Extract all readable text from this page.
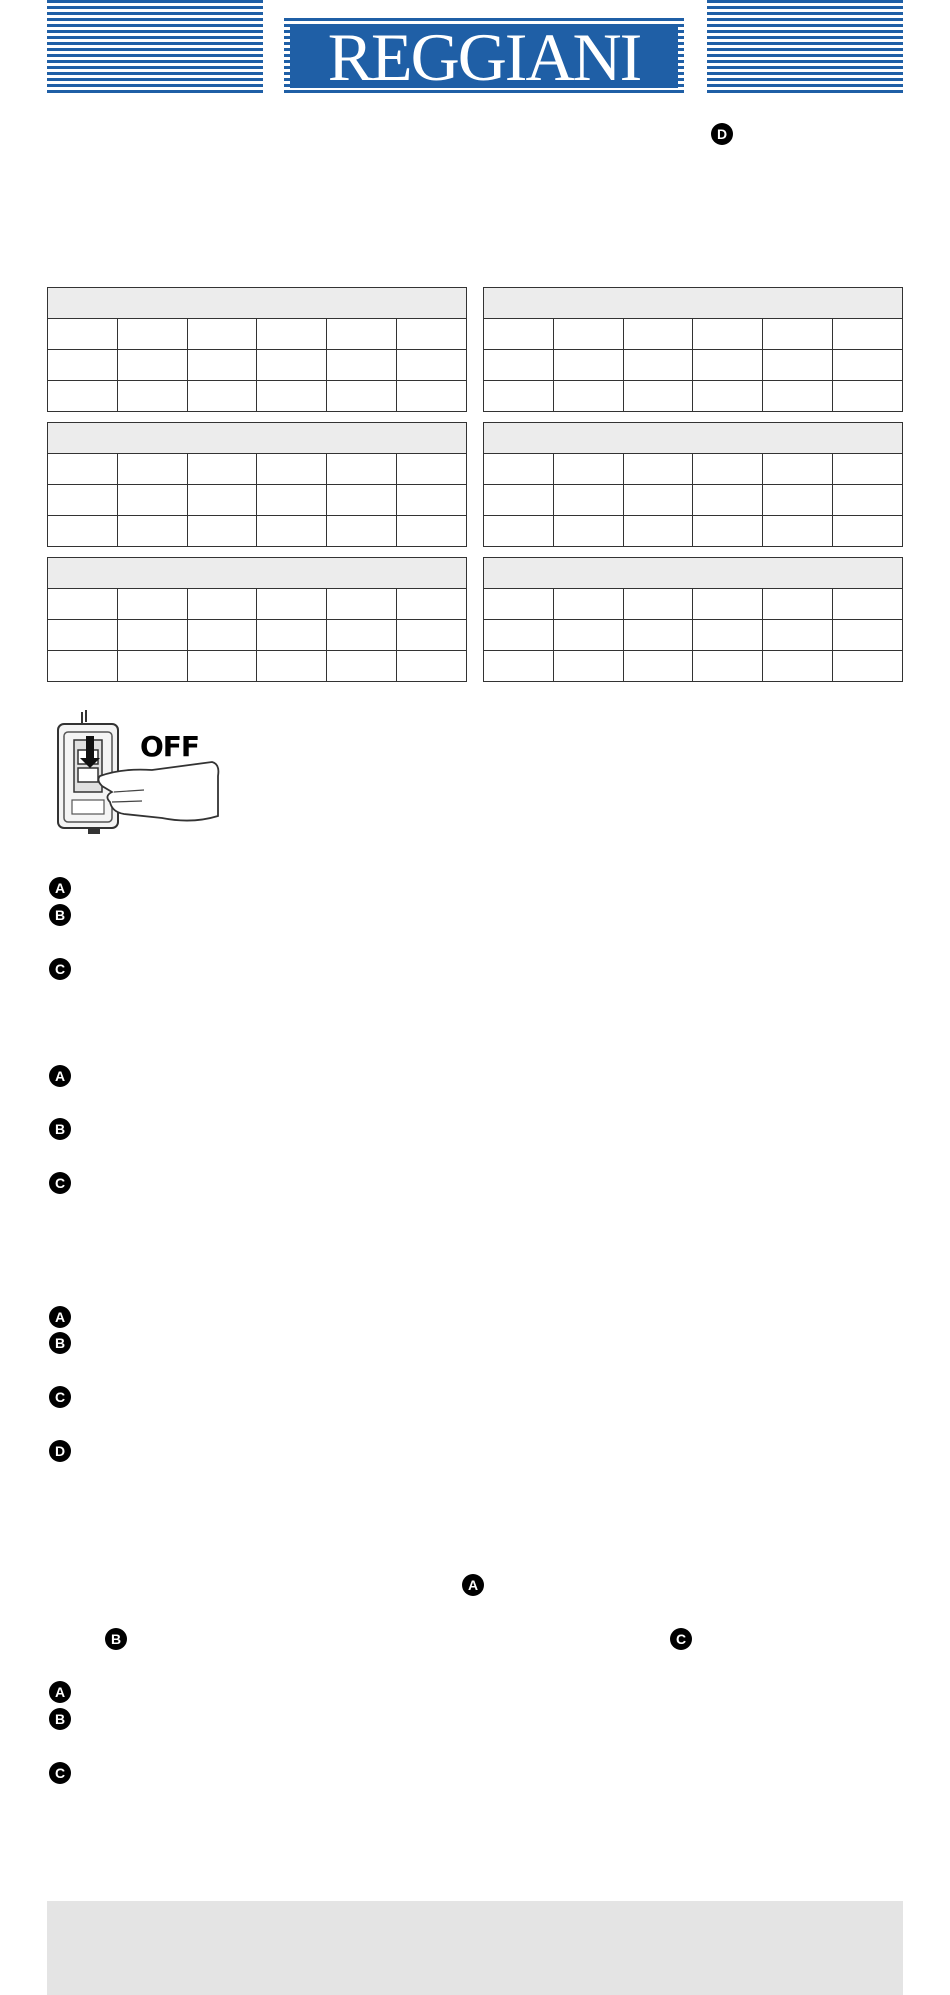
REGGIANI
D
OFF
A
B
C
A
B
C
A
B
C
D
A
B	C
A
B
C
